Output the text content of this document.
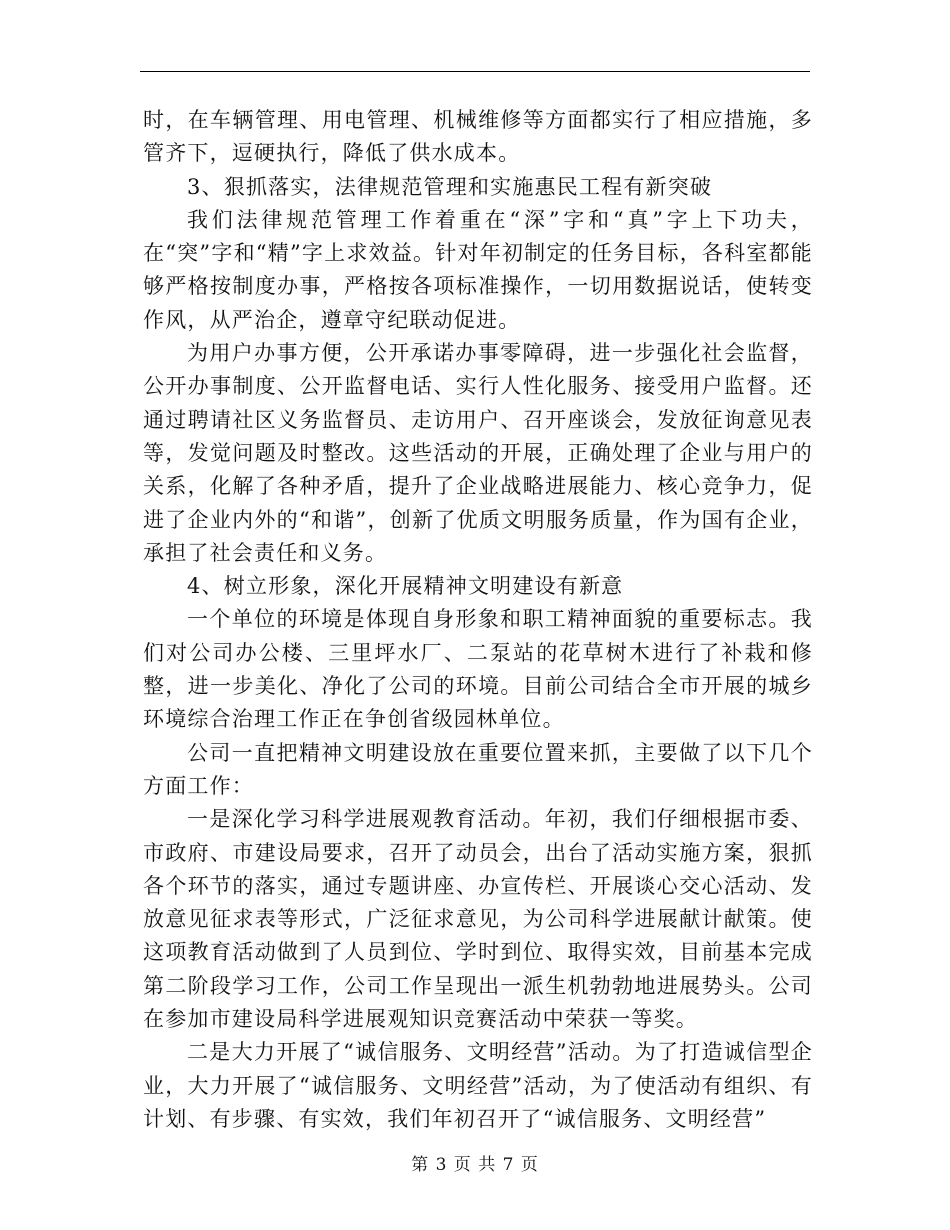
时，在车辆管理、用电管理、机械维修等方面都实行了相应措施，多管齐下，逗硬执行，降低了供水成本。

3、狠抓落实，法律规范管理和实施惠民工程有新突破

我们法律规范管理工作着重在“深”字和“真”字上下功夫，在“突”字和“精”字上求效益。针对年初制定的任务目标，各科室都能够严格按制度办事，严格按各项标准操作，一切用数据说话，使转变作风，从严治企，遵章守纪联动促进。

为用户办事方便，公开承诺办事零障碍，进一步强化社会监督，公开办事制度、公开监督电话、实行人性化服务、接受用户监督。还通过聘请社区义务监督员、走访用户、召开座谈会，发放征询意见表等，发觉问题及时整改。这些活动的开展，正确处理了企业与用户的关系，化解了各种矛盾，提升了企业战略进展能力、核心竞争力，促进了企业内外的“和谐”，创新了优质文明服务质量，作为国有企业，承担了社会责任和义务。

4、树立形象，深化开展精神文明建设有新意

一个单位的环境是体现自身形象和职工精神面貌的重要标志。我们对公司办公楼、三里坪水厂、二泵站的花草树木进行了补栽和修整，进一步美化、净化了公司的环境。目前公司结合全市开展的城乡环境综合治理工作正在争创省级园林单位。

公司一直把精神文明建设放在重要位置来抓，主要做了以下几个方面工作：

一是深化学习科学进展观教育活动。年初，我们仔细根据市委、市政府、市建设局要求，召开了动员会，出台了活动实施方案，狠抓各个环节的落实，通过专题讲座、办宣传栏、开展谈心交心活动、发放意见征求表等形式，广泛征求意见，为公司科学进展献计献策。使这项教育活动做到了人员到位、学时到位、取得实效，目前基本完成第二阶段学习工作，公司工作呈现出一派生机勃勃地进展势头。公司在参加市建设局科学进展观知识竞赛活动中荣获一等奖。

二是大力开展了“诚信服务、文明经营”活动。为了打造诚信型企业，大力开展了“诚信服务、文明经营”活动，为了使活动有组织、有计划、有步骤、有实效，我们年初召开了“诚信服务、文明经营”

第 3 页 共 7 页
